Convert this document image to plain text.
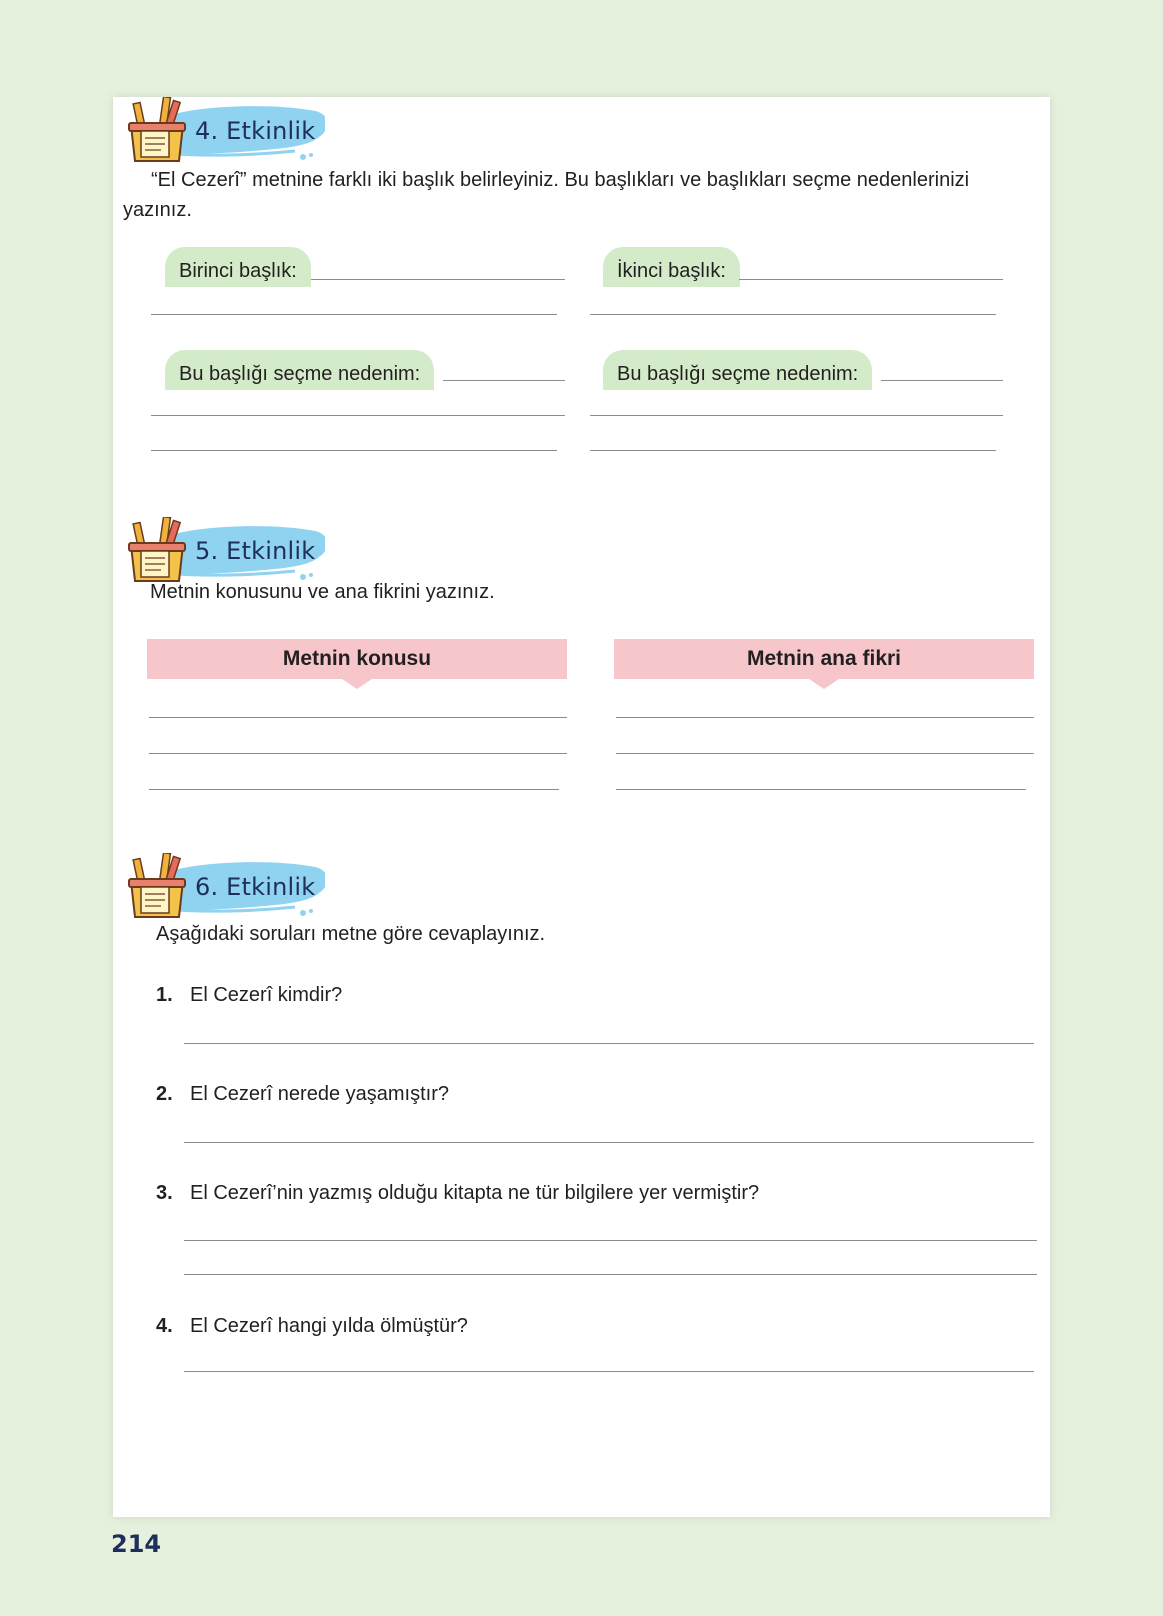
4. Etkinlik
“El Cezerî” metnine farklı iki başlık belirleyiniz. Bu başlıkları ve başlıkları seçme nedenlerinizi yazınız.
Birinci başlık:	İkinci başlık:
Bu başlığı seçme nedenim:	Bu başlığı seçme nedenim:
5. Etkinlik
Metnin konusunu ve ana fikrini yazınız.
Metnin konusu	Metnin ana fikri
6. Etkinlik
Aşağıdaki soruları metne göre cevaplayınız.
1. El Cezerî kimdir?
2. El Cezerî nerede yaşamıştır?
3. El Cezerî’nin yazmış olduğu kitapta ne tür bilgilere yer vermiştir?
4. El Cezerî hangi yılda ölmüştür?
214
